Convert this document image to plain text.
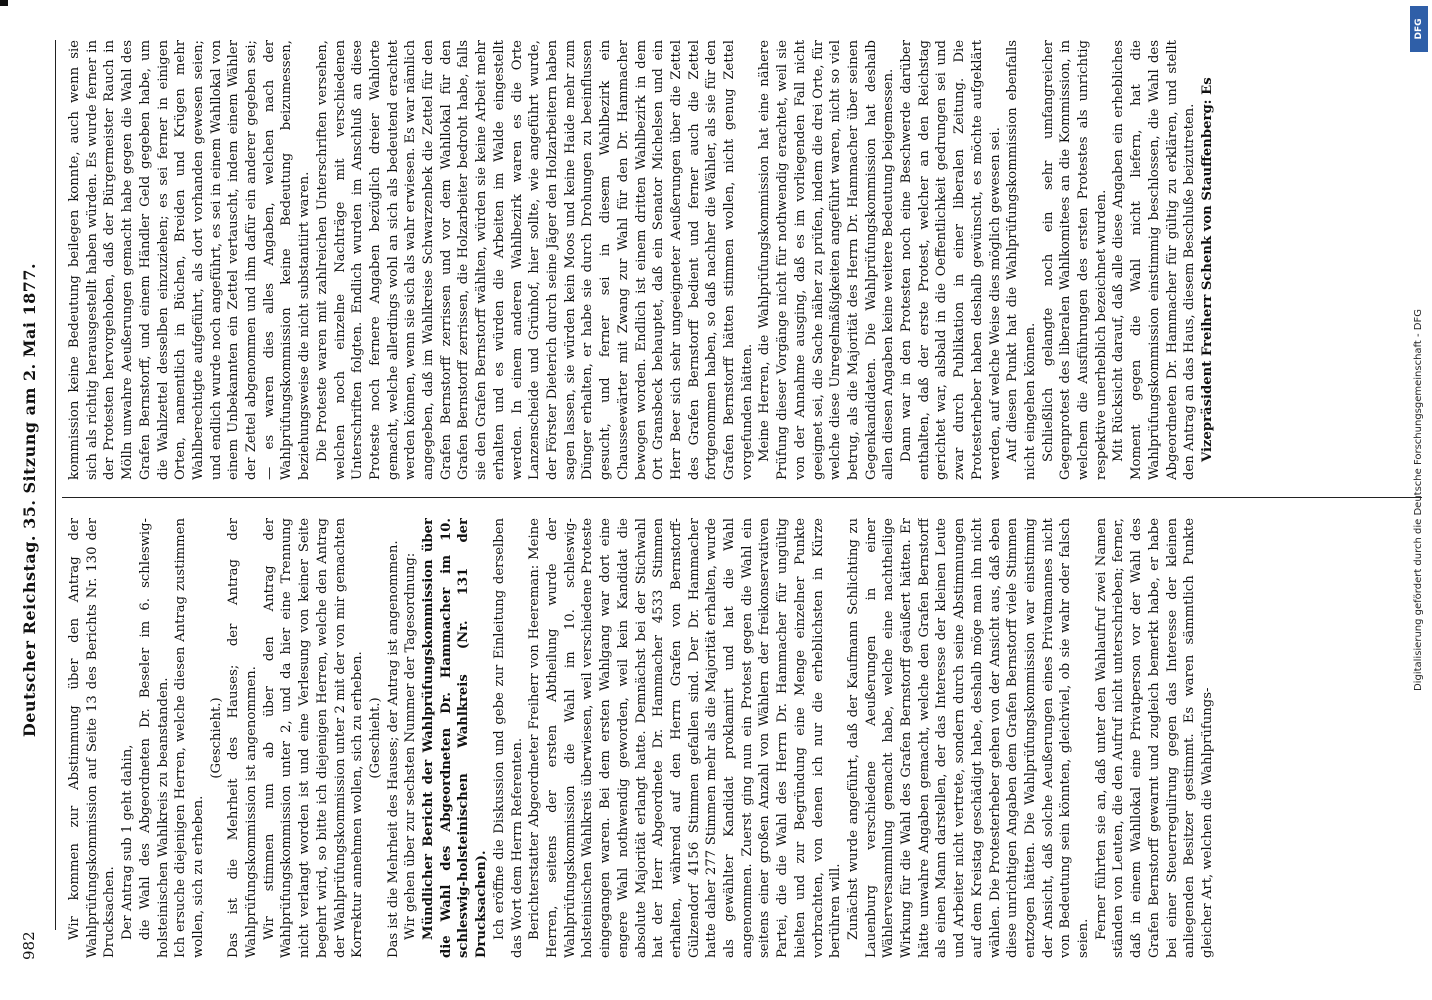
982
Deutscher Reichstag. 35. Sitzung am 2. Mai 1877. Wir kommen zur Abstimmung über den Antrag der Wahlprüfungskommission auf Seite 13 des Berichts Nr. 130 der Drucksachen. Der Antrag sub 1 geht dahin, die Wahl des Abgeordneten Dr. Beseler im 6. schleswig-holsteinischen Wahlkreis zu beanstanden. Ich ersuche diejenigen Herren, welche diesen Antrag zustimmen wollen, sich zu erheben.

(Geschieht.) Das ist die Mehrheit des Hauses; der Antrag der Wahlprüfungskommission ist angenommen. Wir stimmen nun ab über den Antrag der Wahlprüfungskommission unter 2, und da hier eine Trennung nicht verlangt worden ist und eine Verlesung von keiner Seite begehrt wird, so bitte ich diejenigen Herren, welche den Antrag der Wahlprüfungskommission unter 2 mit der von mir gemachten Korrektur annehmen wollen, sich zu erheben. (Geschieht.) Das ist die Mehrheit des Hauses; der Antrag ist angenommen. Wir gehen über zur sechsten Nummer der Tagesordnung: Mündlicher Bericht der Wahlprüfungskommission über die Wahl des Abgeordneten Dr. Hammacher im 10. schleswig-holsteinischen Wahlkreis (Nr. 131 der Drucksachen). Ich eröffne die Diskussion und gebe zur Einleitung derselben das Wort dem Herrn Referenten. Berichterstatter Abgeordneter Freiherr von Heereman: Meine Herren, seitens der ersten Abtheilung wurde der Wahlprüfungskommission die Wahl im 10. schleswig-holsteinischen Wahlkreis überwiesen, weil verschiedene Proteste eingegangen waren. Bei dem ersten Wahlgang war dort eine engere Wahl nothwendig geworden, weil kein Kandidat die absolute Majorität erlangt hatte. Demnächst bei der Stichwahl hat der Herr Abgeordnete Dr. Hammacher 4533 Stimmen erhalten, während auf den Herrn Grafen von Bernstorff-Gülzendorf 4156 Stimmen gefallen sind. Der Dr. Hammacher hatte daher 277 Stimmen mehr als die Majorität erhalten, wurde als gewählter Kandidat proklamirt und hat die Wahl angenommen. Zuerst ging nun ein Protest gegen die Wahl ein seitens einer großen Anzahl von Wählern der freikonservativen Partei, die die Wahl des Herrn Dr. Hammacher für ungültig hielten und zur Begründung eine Menge einzelner Punkte vorbrachten, von denen ich nur die erheblichsten in Kürze berühren will. Zunächst wurde angeführt, daß der Kaufmann Schlichting zu Lauenburg verschiedene Aeußerungen in einer Wählerversammlung gemacht habe, welche eine nachtheilige Wirkung für die Wahl des Grafen Bernstorff geäußert hätten. Er hätte unwahre Angaben gemacht, welche den Grafen Bernstorff als einen Mann darstellen, der das Interesse der kleinen Leute und Arbeiter nicht vertrete, sondern durch seine Abstimmungen auf dem Kreistag geschädigt habe, deshalb möge man ihn nicht wählen. Die Protesterheber gehen von der Ansicht aus, daß eben diese unrichtigen Angaben dem Grafen Bernstorff viele Stimmen entzogen hätten. Die Wahlprüfungskommission war einstimmig der Ansicht, daß solche Aeußerungen eines Privatmannes nicht von Bedeutung sein könnten, gleichviel, ob sie wahr oder falsch seien. Ferner führten sie an, daß unter den Wahlaufruf zwei Namen ständen von Leuten, die den Aufruf nicht unterschrieben; ferner, daß in einem Wahllokal eine Privatperson vor der Wahl des Grafen Bernstorff gewarnt und zugleich bemerkt habe, er habe bei einer Steuerregulirung gegen das Interesse der kleinen anliegenden Besitzer gestimmt. Es waren sämmtlich Punkte gleicher Art, welchen die Wahlprüfungs-

kommission keine Bedeutung beilegen konnte, auch wenn sie sich als richtig herausgestellt haben würden. Es wurde ferner in der Protesten hervorgehoben, daß der Bürgermeister Rauch in Mölln unwahre Aeußerungen gemacht habe gegen die Wahl des Grafen Bernstorff, und einem Händler Geld gegeben habe, um die Wahlzettel desselben einzuziehen; es sei ferner in einigen Orten, namentlich in Büchen, Breiden und Krügen mehr Wahlberechtigte aufgeführt, als dort vorhanden gewesen seien; und endlich wurde noch angeführt, es sei in einem Wahllokal von einem Unbekannten ein Zettel vertauscht, indem einem Wähler der Zettel abgenommen und ihm dafür ein anderer gegeben sei; — es waren dies alles Angaben, welchen nach der Wahlprüfungskommission keine Bedeutung beizumessen, beziehungsweise die nicht substantiirt waren. Die Proteste waren mit zahlreichen Unterschriften versehen, welchen noch einzelne Nachträge mit verschiedenen Unterschriften folgten. Endlich wurden im Anschluß an diese Proteste noch fernere Angaben bezüglich dreier Wahlorte gemacht, welche allerdings wohl an sich als bedeutend erachtet werden können, wenn sie sich als wahr erwiesen. Es war nämlich angegeben, daß im Wahlkreise Schwarzenbek die Zettel für den Grafen Bernstorff zerrissen und vor dem Wahllokal für den Grafen Bernstorff zerrissen, die Holzarbeiter bedroht habe, falls sie den Grafen Bernstorff wählten, würden sie keine Arbeit mehr erhalten und es würden die Arbeiten im Walde eingestellt werden. In einem anderen Wahlbezirk waren es die Orte Lanzenscheide und Grünhof, hier sollte, wie angeführt wurde, der Förster Dieterich durch seine Jäger den Holzarbeitern haben sagen lassen, sie würden kein Moos und keine Haide mehr zum Dünger erhalten, er habe sie durch Drohungen zu beeinflussen gesucht, und ferner sei in diesem Wahlbezirk ein Chausseewärter mit Zwang zur Wahl für den Dr. Hammacher bewogen worden. Endlich ist einem dritten Wahlbezirk in dem Ort Gransbeck behauptet, daß ein Senator Michelsen und ein Herr Beer sich sehr ungeeigneter Aeußerungen über die Zettel des Grafen Bernstorff bedient und ferner auch die Zettel fortgenommen haben, so daß nachher die Wähler, als sie für den Grafen Bernstorff hätten stimmen wollen, nicht genug Zettel vorgefunden hätten. Meine Herren, die Wahlprüfungskommission hat eine nähere Prüfung dieser Vorgänge nicht für nothwendig erachtet, weil sie von der Annahme ausging, daß es im vorliegenden Fall nicht geeignet sei, die Sache näher zu prüfen, indem die drei Orte, für welche diese Unregelmäßigkeiten angeführt waren, nicht so viel betrug, als die Majorität des Herrn Dr. Hammacher über seinen Gegenkandidaten. Die Wahlprüfungskommission hat deshalb allen diesen Angaben keine weitere Bedeutung beigemessen. Dann war in den Protesten noch eine Beschwerde darüber enthalten, daß der erste Protest, welcher an den Reichstag gerichtet war, alsbald in die Oeffentlichkeit gedrungen sei und zwar durch Publikation in einer liberalen Zeitung. Die Protesterheber haben deshalb gewünscht, es möchte aufgeklärt werden, auf welche Weise dies möglich gewesen sei. Auf diesen Punkt hat die Wahlprüfungskommission ebenfalls nicht eingehen können. Schließlich gelangte noch ein sehr umfangreicher Gegenprotest des liberalen Wahlkomitees an die Kommission, in welchem die Ausführungen des ersten Protestes als unrichtig respektive unerheblich bezeichnet wurden. Mit Rücksicht darauf, daß alle diese Angaben ein erhebliches Moment gegen die Wahl nicht liefern, hat die Wahlprüfungskommission einstimmig beschlossen, die Wahl des Abgeordneten Dr. Hammacher für gültig zu erklären, und stellt den Antrag an das Haus, diesem Beschluße beizutreten. Vizepräsident Freiherr Schenk von Stauffenberg: Es

Digitalisierung gefördert durch die Deutsche Forschungsgemeinschaft - DFG
DFG
